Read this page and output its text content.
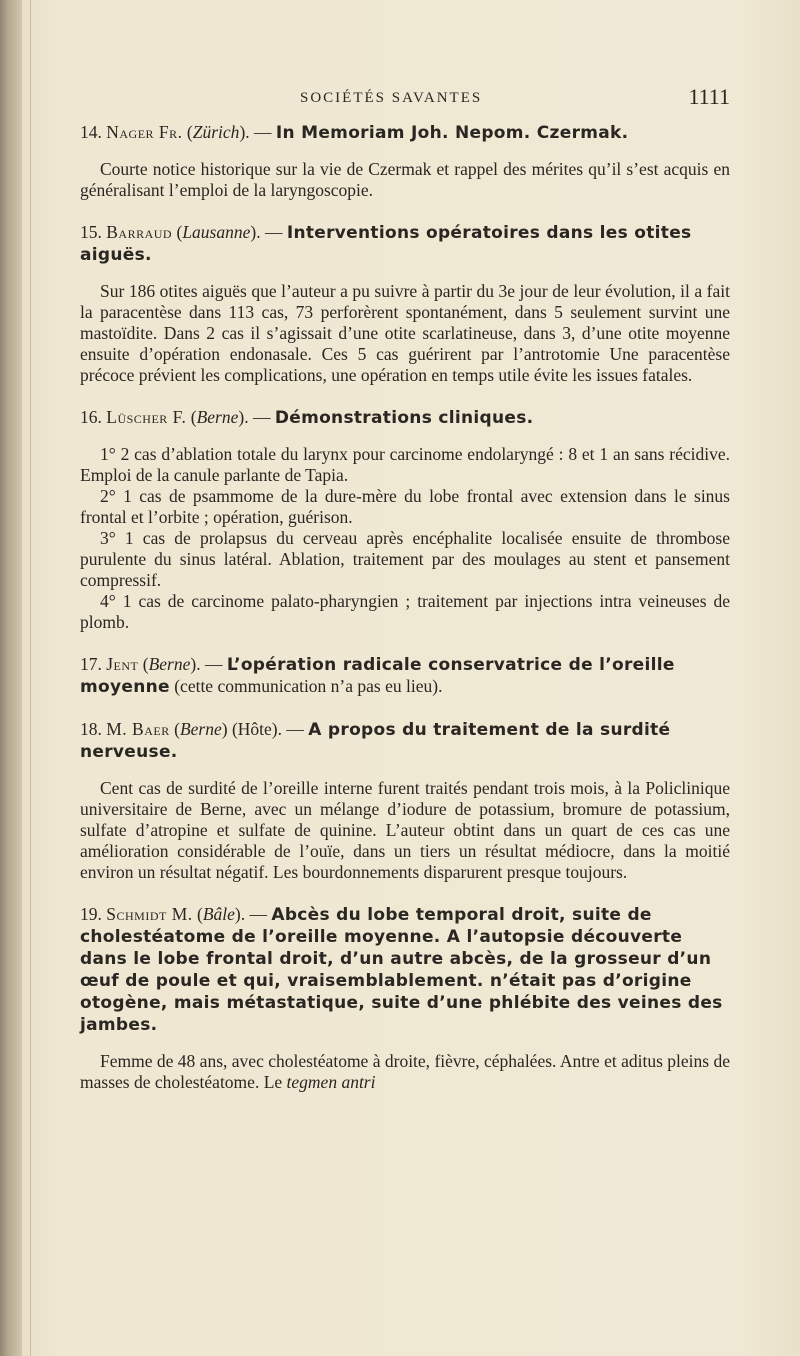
SOCIÉTÉS SAVANTES	1111

14. Nager Fr. (Zürich). — In Memoriam Joh. Nepom. Czermak.

Courte notice historique sur la vie de Czermak et rappel des mérites qu’il s’est acquis en généralisant l’emploi de la laryngoscopie.

15. Barraud (Lausanne). — Interventions opératoires dans les otites aiguës.

Sur 186 otites aiguës que l’auteur a pu suivre à partir du 3e jour de leur évolution, il a fait la paracentèse dans 113 cas, 73 perforèrent spontanément, dans 5 seulement survint une mastoïdite. Dans 2 cas il s’agissait d’une otite scarlatineuse, dans 3, d’une otite moyenne ensuite d’opération endonasale. Ces 5 cas guérirent par l’antrotomie Une paracentèse précoce prévient les complications, une opération en temps utile évite les issues fatales.

16. Lüscher F. (Berne). — Démonstrations cliniques.

1° 2 cas d’ablation totale du larynx pour carcinome endolaryngé : 8 et 1 an sans récidive. Emploi de la canule parlante de Tapia.

2° 1 cas de psammome de la dure-mère du lobe frontal avec extension dans le sinus frontal et l’orbite ; opération, guérison.

3° 1 cas de prolapsus du cerveau après encéphalite localisée ensuite de thrombose purulente du sinus latéral. Ablation, traitement par des moulages au stent et pansement compressif.

4° 1 cas de carcinome palato-pharyngien ; traitement par injections intra veineuses de plomb.

17. Jent (Berne). — L’opération radicale conservatrice de l’oreille moyenne (cette communication n’a pas eu lieu).

18. M. Baer (Berne) (Hôte). — A propos du traitement de la surdité nerveuse.

Cent cas de surdité de l’oreille interne furent traités pendant trois mois, à la Policlinique universitaire de Berne, avec un mélange d’iodure de potassium, bromure de potassium, sulfate d’atropine et sulfate de quinine. L’auteur obtint dans un quart de ces cas une amélioration considérable de l’ouïe, dans un tiers un résultat médiocre, dans la moitié environ un résultat négatif. Les bourdonnements disparurent presque toujours.

19. Schmidt M. (Bâle). — Abcès du lobe temporal droit, suite de cholestéatome de l’oreille moyenne. A l’autopsie découverte dans le lobe frontal droit, d’un autre abcès, de la grosseur d’un œuf de poule et qui, vraisemblablement. n’était pas d’origine otogène, mais métastatique, suite d’une phlébite des veines des jambes.

Femme de 48 ans, avec cholestéatome à droite, fièvre, céphalées. Antre et aditus pleins de masses de cholestéatome. Le tegmen antri
